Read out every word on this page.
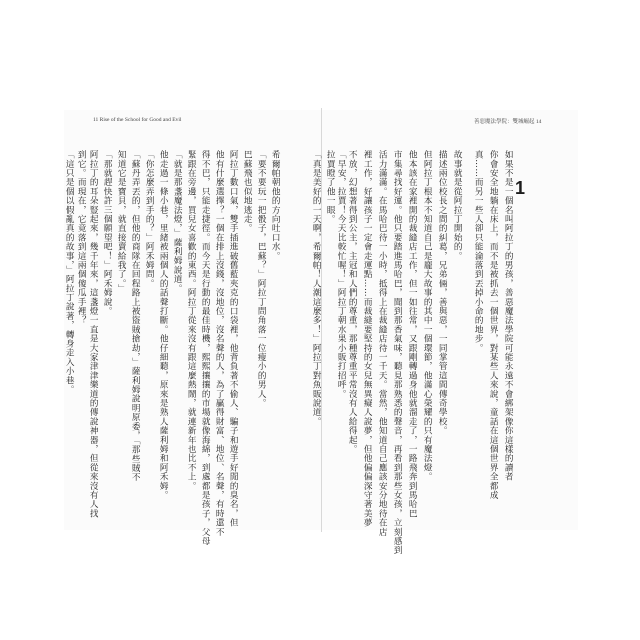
11 Rise of the School for Good and Evil	善惡魔法學院：雙城崛起 14
1
如果不是一個名叫阿拉丁的男孩，善惡魔法學院可能永遠不會綁架像你這樣的讀者
你會安全地躺在床上，而不是被抓去一個世界，對某些人來說，童話在這個世界全都成
真……而另一些人卻只能淪落到丟掉小命的地步。
故事就是從阿拉丁開始的。
描述兩位校長之間的糾葛，兄弟倆，善與惡，一同掌管這間傳奇學校。
但阿拉丁根本不知道自己是龐大故事的其中一個環節，他滿心榮耀的只有魔法燈。
他本該在家裡開的裁縫店工作，但一如往常，又跟剛轉過身他就溜走了，一路飛奔到馬哈巴
市集尋找好運。他只要踏進馬哈巴，聞到那香氣味，聽見那熟悉的聲音，再看到那些女孩，立刻感到
活力滿滿。在馬哈巴待一小時，抵得上在裁縫店待一千天。當然，他知道自己應該安分地待在店
裡工作，好讓孩子一定會走運點……而裁縫要堅持的女兒無異癡人說夢，但他偏偏深守著美夢
不放，幻想著得到公主，主冠和人們的尊重，那種尊重平常沒有人給得起。
「早安，拉賈！今天比較忙喔！」阿拉丁朝水果小販打招呼。
拉賈瞪了他一眼。
「真是美好的一天啊，希爾帕！人潮這麼多！」阿拉丁對魚販說道。
希爾帕朝他的方向吐口水。
「要不要玩一把骰子，巴蘇？」阿拉丁問角落一位瘦小的男人。
巴蘇飛也似地逃走。
阿拉丁數口氣，雙手插進破舊藍夾克的口袋裡，他背負著不偷人、騙子和遊手好閒的臭名，但
他有什麼選擇？一個在排上沒錢，沒地位，沒名聲的人，為了贏得財富、地位、名聲，有時還不
得不巴，只能走捷徑。而今天是行動的最佳時機，熙熙攘攘的市場就像海綿，到處都是孩子，父母
緊跟在旁邊，買兒女喜歡的東西。阿拉丁從來沒有跟這麼熱鬧，就連新年也比不上。
「就是那盞魔法燈，」薩利姆說道。
他走過一條小巷，里緒被兩個人的話聲打斷。他仔細聽，原來是熟人薩利姆和阿禾姆。
「你怎麼弄到手的？」阿禾姆問。
「蘇丹弄丟的，但他的商隊在回程路上被盜賊搶劫，」薩利姆說明原委，「那些賊不
知道它是寶貝，就直接賣給我了。」
「那就趕快許三個願望吧！」阿禾姆說。
阿拉丁的耳朵豎起來，幾千年來，這盞燈一直是大家津津樂道的傳說神器，但從來沒有人找
到它。而現在，它竟落到這兩個傻瓜手裡？
「這只是個以假亂真的故事，」阿拉丁說著，轉身走入小巷。
